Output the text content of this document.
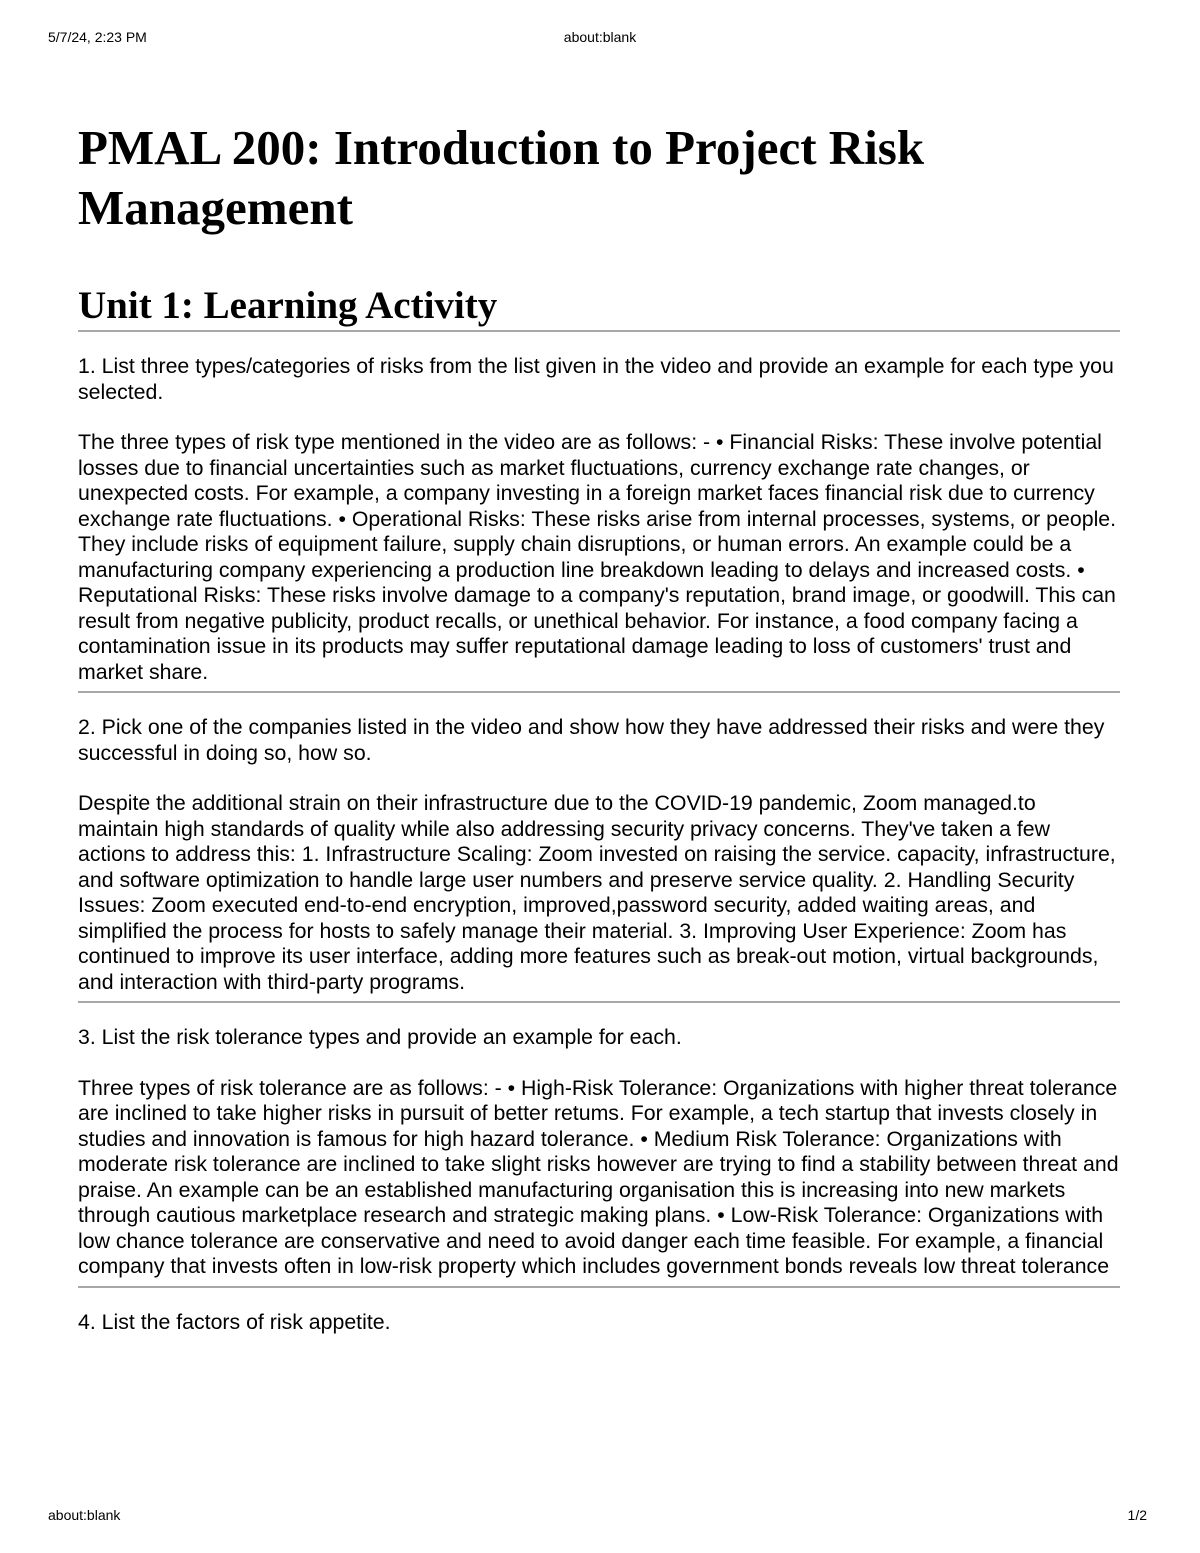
5/7/24, 2:23 PM	about:blank
PMAL 200: Introduction to Project Risk Management
Unit 1: Learning Activity

1. List three types/categories of risks from the list given in the video and provide an example for each type you selected.

The three types of risk type mentioned in the video are as follows: - • Financial Risks: These involve potential losses due to financial uncertainties such as market fluctuations, currency exchange rate changes, or unexpected costs. For example, a company investing in a foreign market faces financial risk due to currency exchange rate fluctuations. • Operational Risks: These risks arise from internal processes, systems, or people. They include risks of equipment failure, supply chain disruptions, or human errors. An example could be a manufacturing company experiencing a production line breakdown leading to delays and increased costs. • Reputational Risks: These risks involve damage to a company's reputation, brand image, or goodwill. This can result from negative publicity, product recalls, or unethical behavior. For instance, a food company facing a contamination issue in its products may suffer reputational damage leading to loss of customers' trust and market share.

2. Pick one of the companies listed in the video and show how they have addressed their risks and were they successful in doing so, how so.

Despite the additional strain on their infrastructure due to the COVID-19 pandemic, Zoom managed.to maintain high standards of quality while also addressing security privacy concerns. They've taken a few actions to address this: 1. Infrastructure Scaling: Zoom invested on raising the service. capacity, infrastructure, and software optimization to handle large user numbers and preserve service quality. 2. Handling Security Issues: Zoom executed end-to-end encryption, improved,password security, added waiting areas, and simplified the process for hosts to safely manage their material. 3. Improving User Experience: Zoom has continued to improve its user interface, adding more features such as break-out motion, virtual backgrounds, and interaction with third-party programs.

3. List the risk tolerance types and provide an example for each.

Three types of risk tolerance are as follows: - • High-Risk Tolerance: Organizations with higher threat tolerance are inclined to take higher risks in pursuit of better retums. For example, a tech startup that invests closely in studies and innovation is famous for high hazard tolerance. • Medium Risk Tolerance: Organizations with moderate risk tolerance are inclined to take slight risks however are trying to find a stability between threat and praise. An example can be an established manufacturing organisation this is increasing into new markets through cautious marketplace research and strategic making plans. • Low-Risk Tolerance: Organizations with low chance tolerance are conservative and need to avoid danger each time feasible. For example, a financial company that invests often in low-risk property which includes government bonds reveals low threat tolerance

4. List the factors of risk appetite.

about:blank	1/2
